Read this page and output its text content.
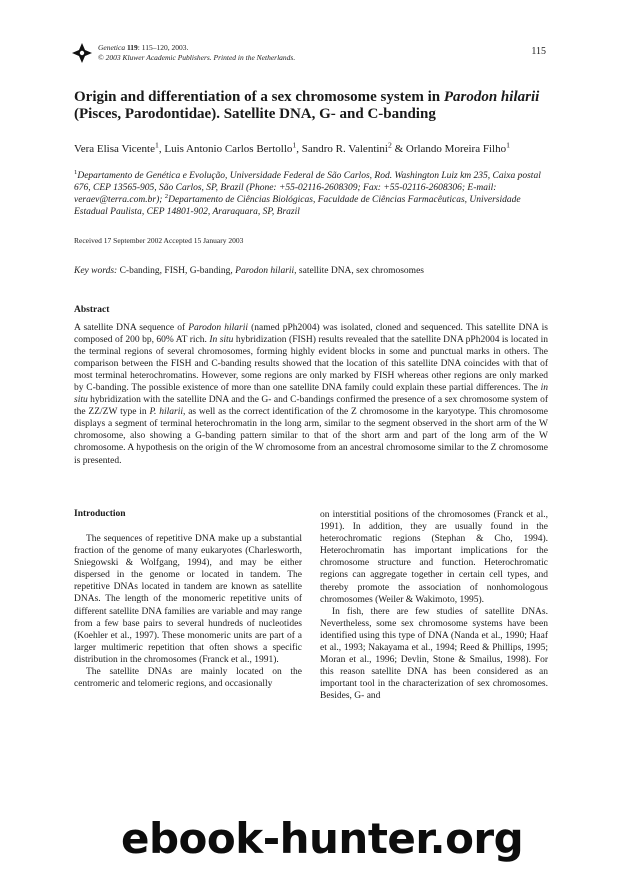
Genetica 119: 115–120, 2003.
© 2003 Kluwer Academic Publishers. Printed in the Netherlands.
115
Origin and differentiation of a sex chromosome system in Parodon hilarii (Pisces, Parodontidae). Satellite DNA, G- and C-banding
Vera Elisa Vicente$^1$, Luis Antonio Carlos Bertollo$^1$, Sandro R. Valentini$^2$ & Orlando Moreira Filho$^1$
$^1$Departamento de Genética e Evolução, Universidade Federal de São Carlos, Rod. Washington Luiz km 235, Caixa postal 676, CEP 13565-905, São Carlos, SP, Brazil (Phone: +55-02116-2608309; Fax: +55-02116-2608306; E-mail: veraev@terra.com.br); $^2$Departamento de Ciências Biológicas, Faculdade de Ciências Farmacêuticas, Universidade Estadual Paulista, CEP 14801-902, Araraquara, SP, Brazil
Received 17 September 2002 Accepted 15 January 2003
Key words: C-banding, FISH, G-banding, Parodon hilarii, satellite DNA, sex chromosomes
Abstract

A satellite DNA sequence of Parodon hilarii (named pPh2004) was isolated, cloned and sequenced. This satellite DNA is composed of 200 bp, 60% AT rich. In situ hybridization (FISH) results revealed that the satellite DNA pPh2004 is located in the terminal regions of several chromosomes, forming highly evident blocks in some and punctual marks in others. The comparison between the FISH and C-banding results showed that the location of this satellite DNA coincides with that of most terminal heterochromatins. However, some regions are only marked by FISH whereas other regions are only marked by C-banding. The possible existence of more than one satellite DNA family could explain these partial differences. The in situ hybridization with the satellite DNA and the G- and C-bandings confirmed the presence of a sex chromosome system of the ZZ/ZW type in P. hilarii, as well as the correct identification of the Z chromosome in the karyotype. This chromosome displays a segment of terminal heterochromatin in the long arm, similar to the segment observed in the short arm of the W chromosome, also showing a G-banding pattern similar to that of the short arm and part of the long arm of the W chromosome. A hypothesis on the origin of the W chromosome from an ancestral chromosome similar to the Z chromosome is presented.

Introduction

The sequences of repetitive DNA make up a substantial fraction of the genome of many eukaryotes (Charlesworth, Sniegowski & Wolfgang, 1994), and may be either dispersed in the genome or located in tandem. The repetitive DNAs located in tandem are known as satellite DNAs. The length of the monomeric repetitive units of different satellite DNA families are variable and may range from a few base pairs to several hundreds of nucleotides (Koehler et al., 1997). These monomeric units are part of a larger multimeric repetition that often shows a specific distribution in the chromosomes (Franck et al., 1991).

The satellite DNAs are mainly located on the centromeric and telomeric regions, and occasionally

on interstitial positions of the chromosomes (Franck et al., 1991). In addition, they are usually found in the heterochromatic regions (Stephan & Cho, 1994). Heterochromatin has important implications for the chromosome structure and function. Heterochromatic regions can aggregate together in certain cell types, and thereby promote the association of nonhomologous chromosomes (Weiler & Wakimoto, 1995).

In fish, there are few studies of satellite DNAs. Nevertheless, some sex chromosome systems have been identified using this type of DNA (Nanda et al., 1990; Haaf et al., 1993; Nakayama et al., 1994; Reed & Phillips, 1995; Moran et al., 1996; Devlin, Stone & Smailus, 1998). For this reason satellite DNA has been considered as an important tool in the characterization of sex chromosomes. Besides, G- and

ebook-hunter.org
